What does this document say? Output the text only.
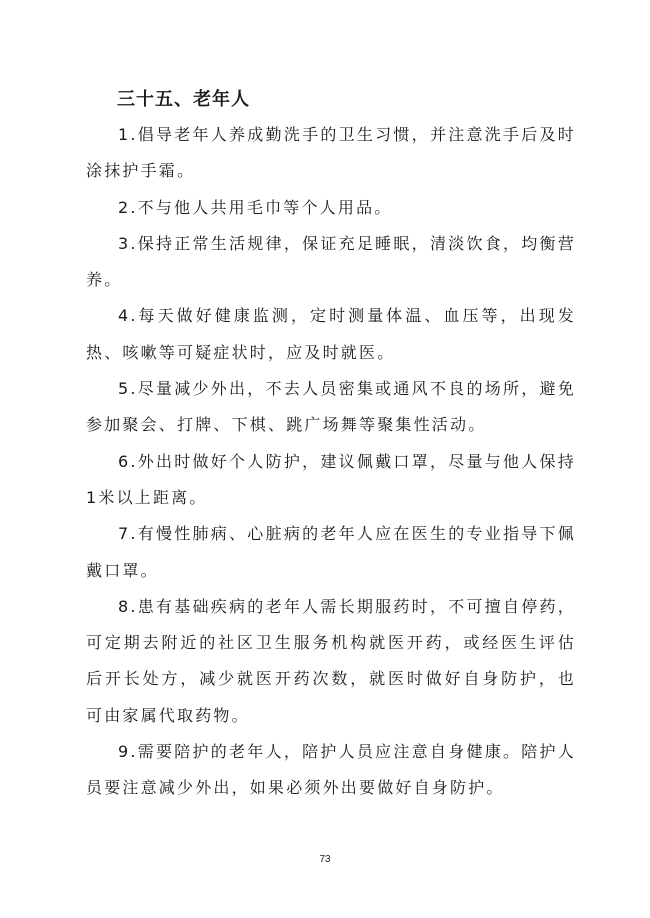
三十五、老年人

1.倡导老年人养成勤洗手的卫生习惯，并注意洗手后及时涂抹护手霜。

2.不与他人共用毛巾等个人用品。

3.保持正常生活规律，保证充足睡眠，清淡饮食，均衡营养。

4.每天做好健康监测，定时测量体温、血压等，出现发热、咳嗽等可疑症状时，应及时就医。

5.尽量减少外出，不去人员密集或通风不良的场所，避免参加聚会、打牌、下棋、跳广场舞等聚集性活动。

6.外出时做好个人防护，建议佩戴口罩，尽量与他人保持1米以上距离。

7.有慢性肺病、心脏病的老年人应在医生的专业指导下佩戴口罩。

8.患有基础疾病的老年人需长期服药时，不可擅自停药，可定期去附近的社区卫生服务机构就医开药，或经医生评估后开长处方，减少就医开药次数，就医时做好自身防护，也可由家属代取药物。

9.需要陪护的老年人，陪护人员应注意自身健康。陪护人员要注意减少外出，如果必须外出要做好自身防护。

73
